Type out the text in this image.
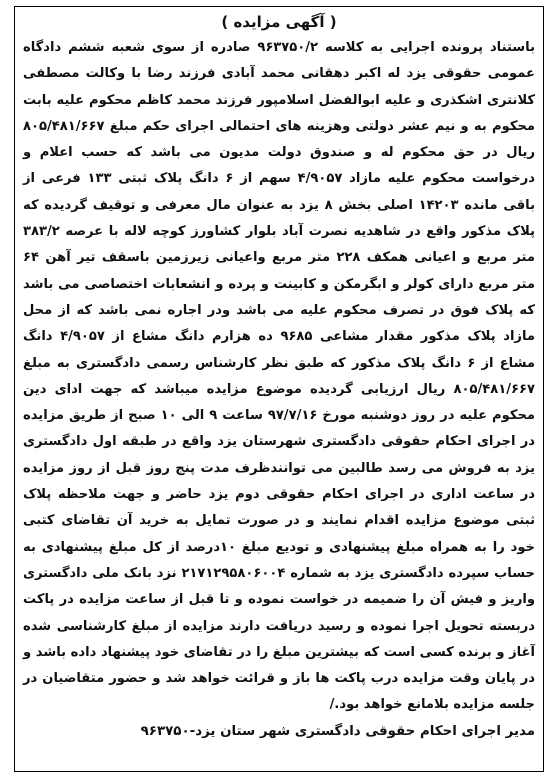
( آگهی مزایده )

باستناد پرونده اجرایی به کلاسه ۹۶۳۷۵۰/۲ صادره از سوی شعبه ششم دادگاه عمومی حقوقی یزد له اکبر دهقانی محمد آبادی فرزند رضا با وکالت مصطفی کلانتری اشکذری و علیه ابوالفضل اسلامپور فرزند محمد کاظم محکوم علیه بابت محکوم به و نیم عشر دولتی وهزینه های احتمالی اجرای حکم مبلغ ۸۰۵/۴۸۱/۶۶۷ ریال در حق محکوم له و صندوق دولت مدیون می باشد که حسب اعلام و درخواست محکوم علیه مازاد ۴/۹۰۵۷ سهم از ۶ دانگ پلاک ثبتی ۱۳۳ فرعی از باقی مانده ۱۴۲۰۳ اصلی بخش ۸ یزد به عنوان مال معرفی و توقیف گردیده که پلاک مذکور واقع در شاهدیه نصرت آباد بلوار کشاورز کوچه لاله با عرصه ۳۸۳/۲ متر مربع و اعیانی همکف ۲۲۸ متر مربع واعیانی زیرزمین باسقف تیر آهن ۶۴ متر مربع دارای کولر و ابگرمکن و کابینت و پرده و انشعابات اختصاصی می باشد که پلاک فوق در تصرف محکوم علیه می باشد ودر اجاره نمی باشد که از محل مازاد پلاک مذکور مقدار مشاعی ۹۶۸۵ ده هزارم دانگ مشاع از ۴/۹۰۵۷ دانگ مشاع از ۶ دانگ پلاک مذکور که طبق نظر کارشناس رسمی دادگستری به مبلغ ۸۰۵/۴۸۱/۶۶۷ ریال ارزیابی گردیده موضوع مزایده میباشد که جهت ادای دین محکوم علیه در روز دوشنبه مورخ ۹۷/۷/۱۶ ساعت ۹ الی ۱۰ صبح از طریق مزایده در اجرای احکام حقوقی دادگستری شهرستان یزد واقع در طبقه اول دادگستری یزد به فروش می رسد طالبین می توانندظرف مدت پنج روز قبل از روز مزایده در ساعت اداری در اجرای احکام حقوقی دوم یزد حاضر و جهت ملاحظه پلاک ثبتی موضوع مزایده اقدام نمایند و در صورت تمایل به خرید آن تقاضای کتبی خود را به همراه مبلغ پیشنهادی و تودیع مبلغ ۱۰درصد از کل مبلغ پیشنهادی به حساب سپرده دادگستری یزد به شماره ۲۱۷۱۲۹۵۸۰۶۰۰۴ نزد بانک ملی دادگستری واریز و فیش آن را ضمیمه در خواست نموده و تا قبل از ساعت مزایده در پاکت دربسته تحویل اجرا نموده و رسید دریافت دارند مزایده از مبلغ کارشناسی شده آغاز و برنده کسی است که بیشترین مبلغ را در تقاضای خود پیشنهاد داده باشد و در پایان وقت مزایده درب پاکت ها باز و قرائت خواهد شد و حضور متقاضیان در جلسه مزایده بلامانع خواهد بود./

مدیر اجرای احکام حقوقی دادگستری شهر ستان یزد-۹۶۳۷۵۰
